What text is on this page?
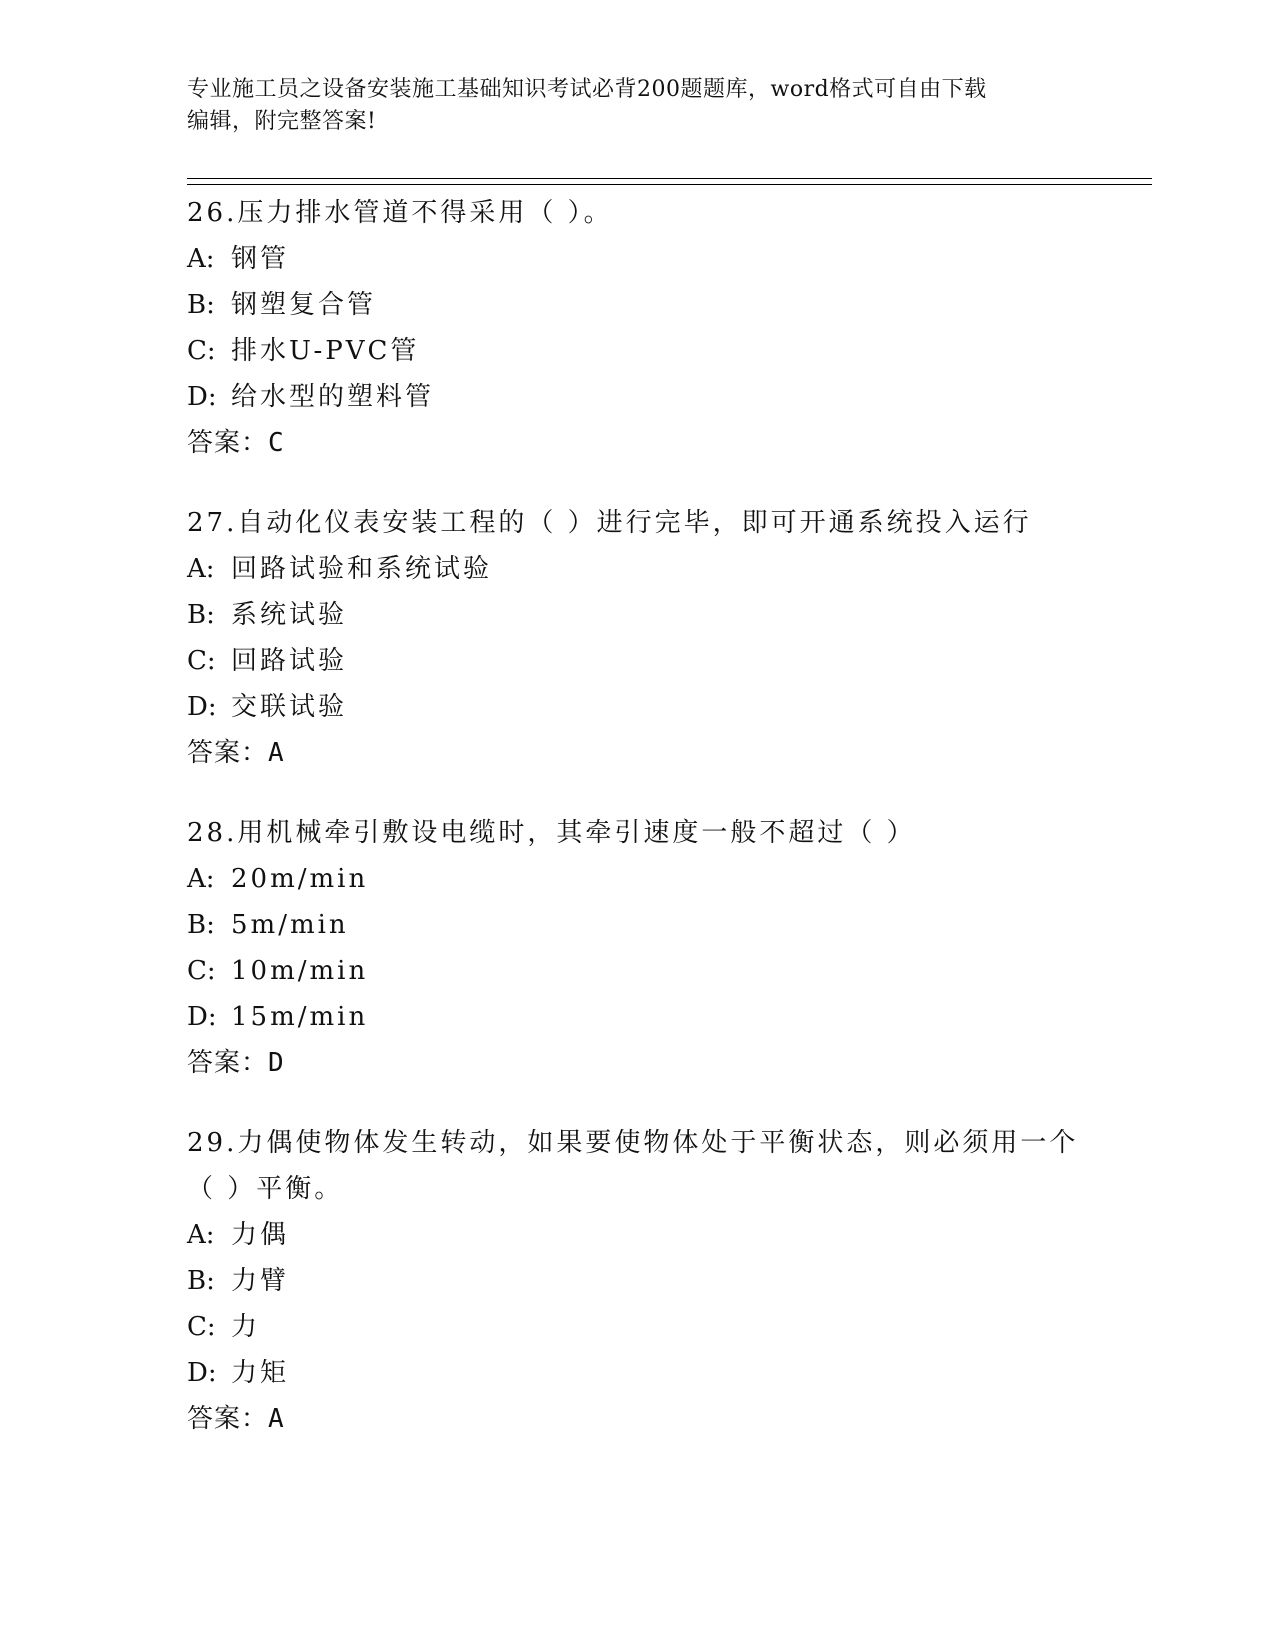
专业施工员之设备安装施工基础知识考试必背200题题库，word格式可自由下载
编辑，附完整答案!

26.压力排水管道不得采用（ ）。

A: 钢管

B: 钢塑复合管

C: 排水U-PVC管

D: 给水型的塑料管

答案：C

27.自动化仪表安装工程的（ ）进行完毕，即可开通系统投入运行

A: 回路试验和系统试验

B: 系统试验

C: 回路试验

D: 交联试验

答案：A

28.用机械牵引敷设电缆时，其牵引速度一般不超过（ ）

A: 20m/min

B: 5m/min

C: 10m/min

D: 15m/min

答案：D

29.力偶使物体发生转动，如果要使物体处于平衡状态，则必须用一个（ ）平衡。

A: 力偶

B: 力臂

C: 力

D: 力矩

答案：A
